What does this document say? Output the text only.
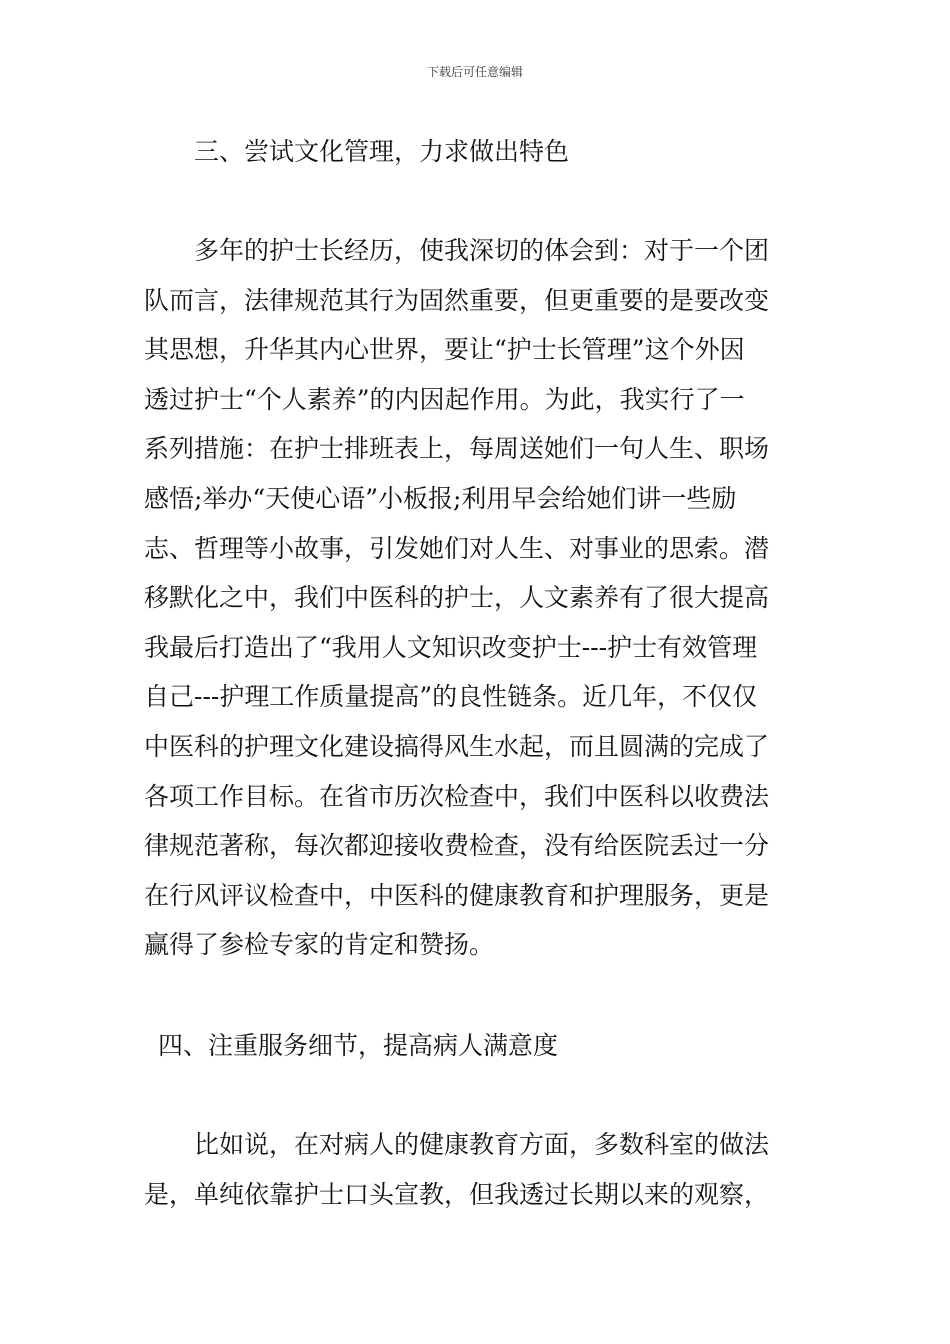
下载后可任意编辑
三、尝试文化管理，力求做出特色
　　多年的护士长经历，使我深切的体会到：对于一个团
队而言，法律规范其行为固然重要，但更重要的是要改变
其思想，升华其内心世界，要让“护士长管理”这个外因
透过护士“个人素养”的内因起作用。为此，我实行了一
系列措施：在护士排班表上，每周送她们一句人生、职场
感悟;举办“天使心语”小板报;利用早会给她们讲一些励
志、哲理等小故事，引发她们对人生、对事业的思索。潜
移默化之中，我们中医科的护士，人文素养有了很大提高
我最后打造出了“我用人文知识改变护士---护士有效管理
自己---护理工作质量提高”的良性链条。近几年，不仅仅
中医科的护理文化建设搞得风生水起，而且圆满的完成了
各项工作目标。在省市历次检查中，我们中医科以收费法
律规范著称，每次都迎接收费检查，没有给医院丢过一分
在行风评议检查中，中医科的健康教育和护理服务，更是
赢得了参检专家的肯定和赞扬。
四、注重服务细节，提高病人满意度
　　比如说，在对病人的健康教育方面，多数科室的做法
是，单纯依靠护士口头宣教，但我透过长期以来的观察，
